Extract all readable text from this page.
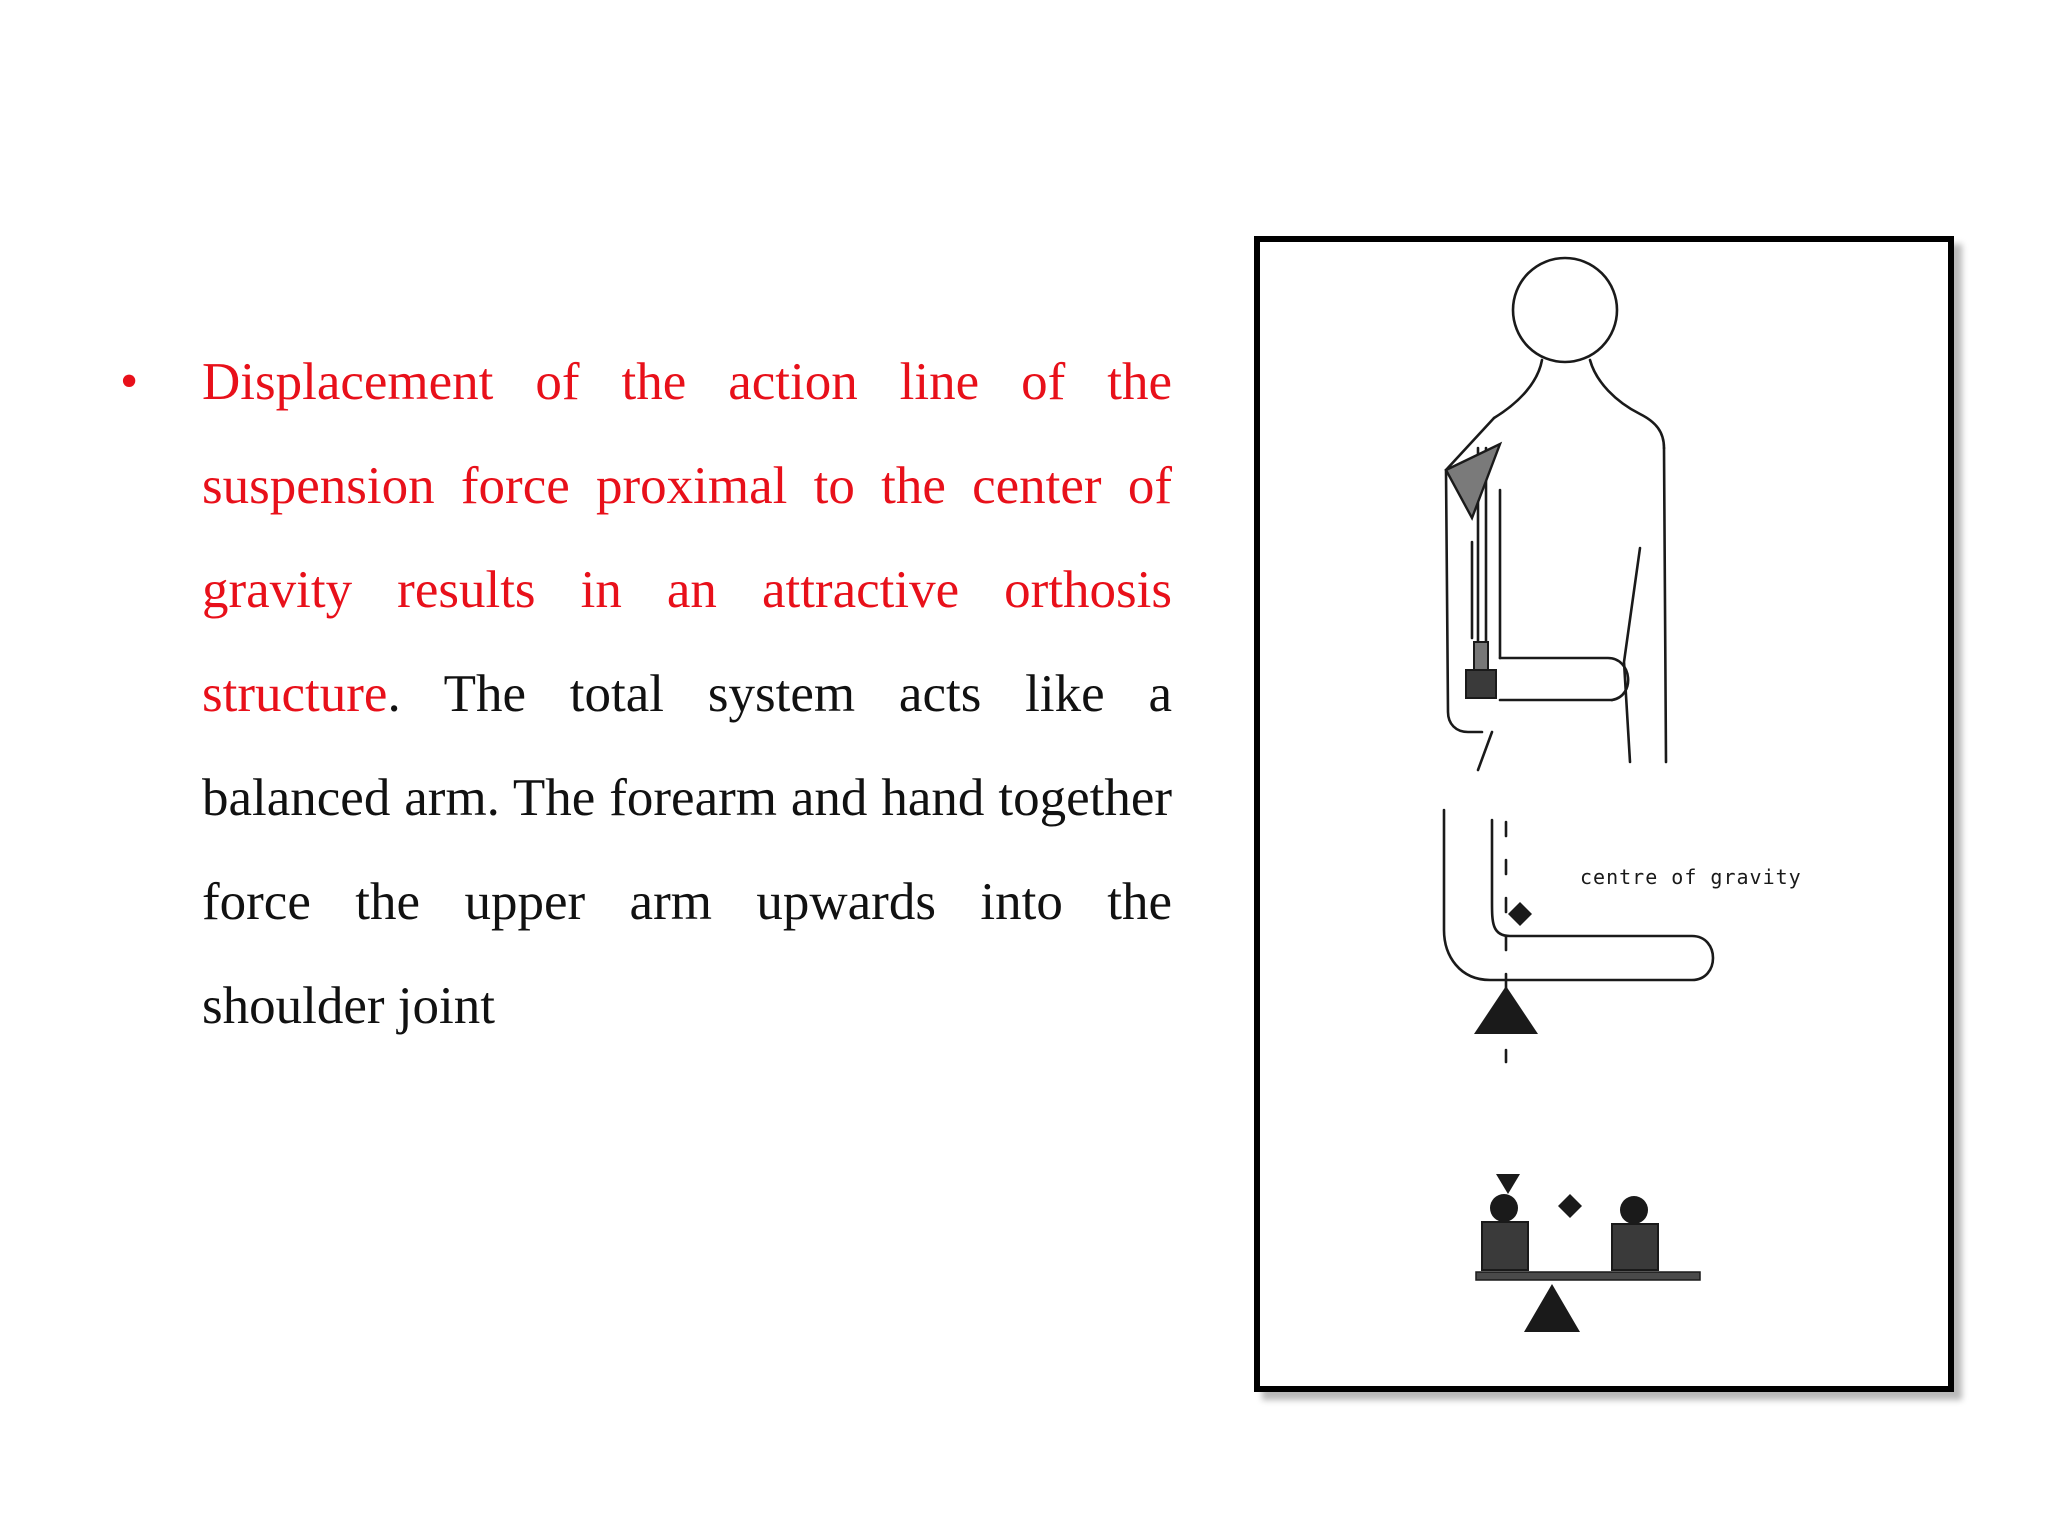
• Displacement of the action line of the suspension force proximal to the center of gravity results in an attractive orthosis structure. The total system acts like a balanced arm. The forearm and hand together force the upper arm upwards into the shoulder joint

centre of gravity
